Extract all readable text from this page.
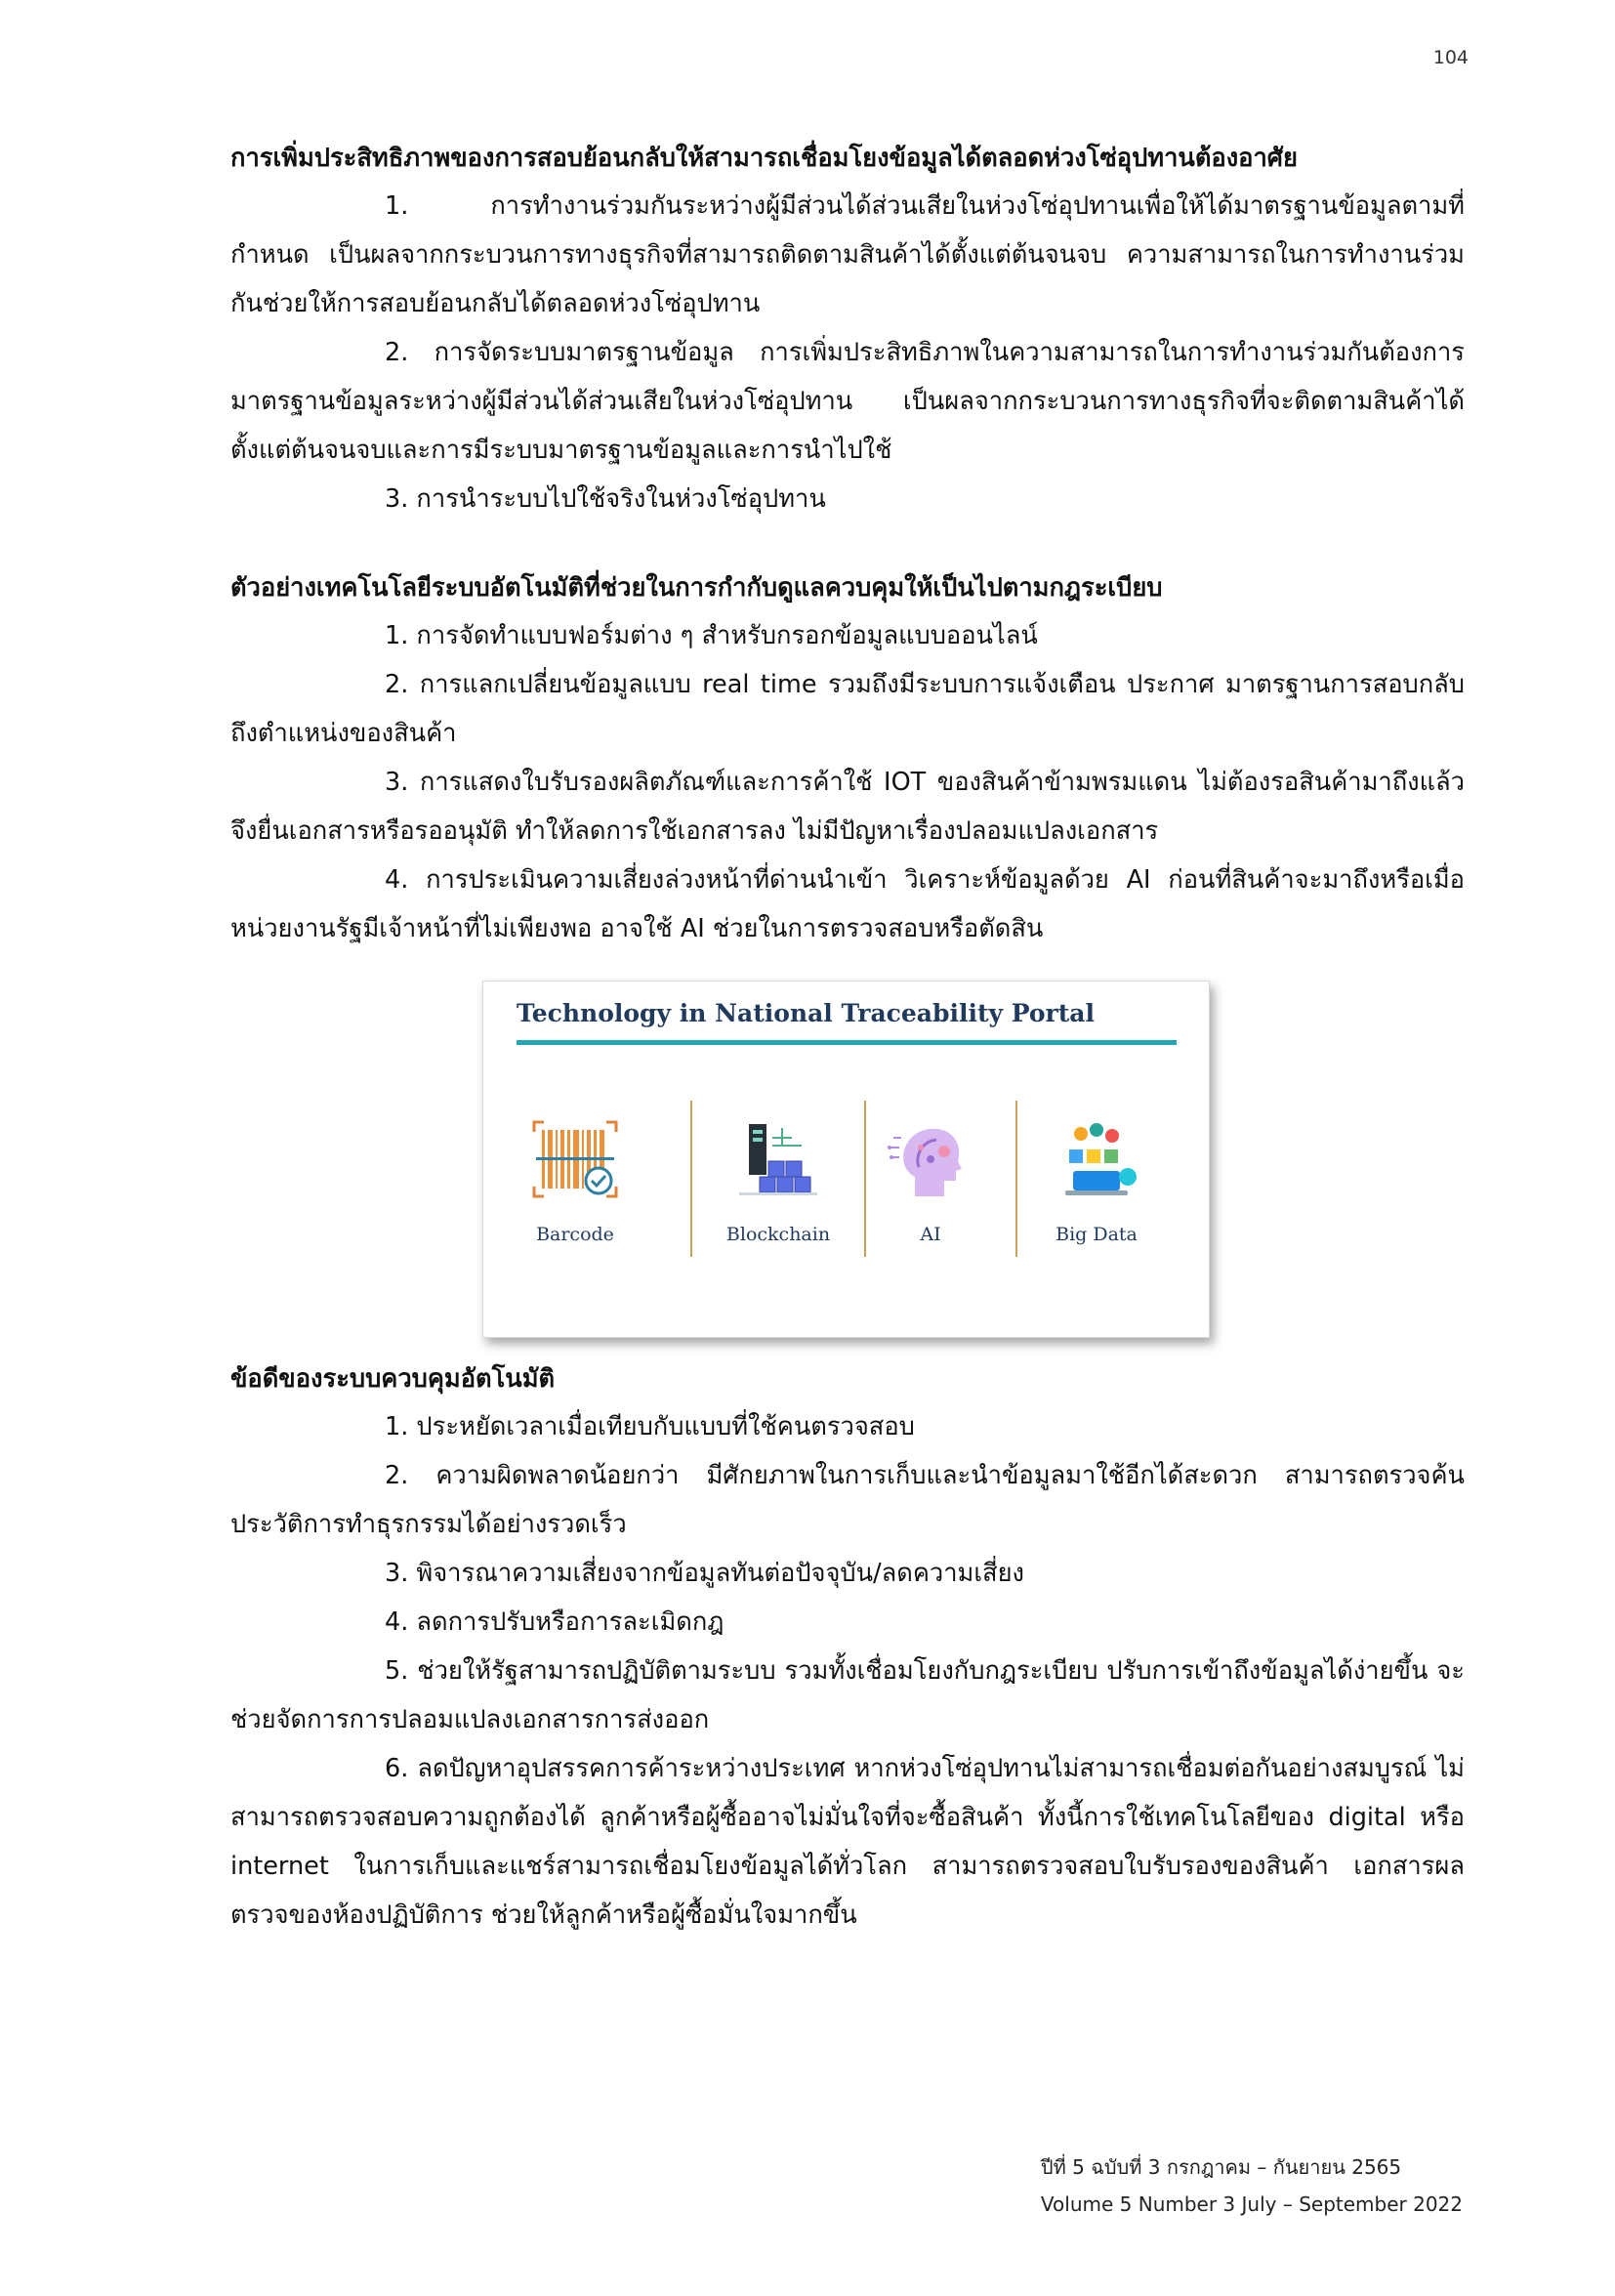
104
การเพิ่มประสิทธิภาพของการสอบย้อนกลับให้สามารถเชื่อมโยงข้อมูลได้ตลอดห่วงโซ่อุปทานต้องอาศัย
1. การทำงานร่วมกันระหว่างผู้มีส่วนได้ส่วนเสียในห่วงโซ่อุปทานเพื่อให้ได้มาตรฐานข้อมูลตามที่กำหนด เป็นผลจากกระบวนการทางธุรกิจที่สามารถติดตามสินค้าได้ตั้งแต่ต้นจนจบ ความสามารถในการทำงานร่วมกันช่วยให้การสอบย้อนกลับได้ตลอดห่วงโซ่อุปทาน
2. การจัดระบบมาตรฐานข้อมูล การเพิ่มประสิทธิภาพในความสามารถในการทำงานร่วมกันต้องการมาตรฐานข้อมูลระหว่างผู้มีส่วนได้ส่วนเสียในห่วงโซ่อุปทาน เป็นผลจากกระบวนการทางธุรกิจที่จะติดตามสินค้าได้ตั้งแต่ต้นจนจบและการมีระบบมาตรฐานข้อมูลและการนำไปใช้
3. การนำระบบไปใช้จริงในห่วงโซ่อุปทาน
ตัวอย่างเทคโนโลยีระบบอัตโนมัติที่ช่วยในการกำกับดูแลควบคุมให้เป็นไปตามกฎระเบียบ
1. การจัดทำแบบฟอร์มต่าง ๆ สำหรับกรอกข้อมูลแบบออนไลน์
2. การแลกเปลี่ยนข้อมูลแบบ real time รวมถึงมีระบบการแจ้งเตือน ประกาศ มาตรฐานการสอบกลับถึงตำแหน่งของสินค้า
3. การแสดงใบรับรองผลิตภัณฑ์และการค้าใช้ IOT ของสินค้าข้ามพรมแดน ไม่ต้องรอสินค้ามาถึงแล้วจึงยื่นเอกสารหรือรออนุมัติ ทำให้ลดการใช้เอกสารลง ไม่มีปัญหาเรื่องปลอมแปลงเอกสาร
4. การประเมินความเสี่ยงล่วงหน้าที่ด่านนำเข้า วิเคราะห์ข้อมูลด้วย AI ก่อนที่สินค้าจะมาถึงหรือเมื่อหน่วยงานรัฐมีเจ้าหน้าที่ไม่เพียงพอ อาจใช้ AI ช่วยในการตรวจสอบหรือตัดสิน
Technology in National Traceability Portal
Barcode	Blockchain	AI	Big Data
ข้อดีของระบบควบคุมอัตโนมัติ
1. ประหยัดเวลาเมื่อเทียบกับแบบที่ใช้คนตรวจสอบ
2. ความผิดพลาดน้อยกว่า มีศักยภาพในการเก็บและนำข้อมูลมาใช้อีกได้สะดวก สามารถตรวจค้นประวัติการทำธุรกรรมได้อย่างรวดเร็ว
3. พิจารณาความเสี่ยงจากข้อมูลทันต่อปัจจุบัน/ลดความเสี่ยง
4. ลดการปรับหรือการละเมิดกฎ
5. ช่วยให้รัฐสามารถปฏิบัติตามระบบ รวมทั้งเชื่อมโยงกับกฎระเบียบ ปรับการเข้าถึงข้อมูลได้ง่ายขึ้น จะช่วยจัดการการปลอมแปลงเอกสารการส่งออก
6. ลดปัญหาอุปสรรคการค้าระหว่างประเทศ หากห่วงโซ่อุปทานไม่สามารถเชื่อมต่อกันอย่างสมบูรณ์ ไม่สามารถตรวจสอบความถูกต้องได้ ลูกค้าหรือผู้ซื้ออาจไม่มั่นใจที่จะซื้อสินค้า ทั้งนี้การใช้เทคโนโลยีของ digital หรือ internet ในการเก็บและแชร์สามารถเชื่อมโยงข้อมูลได้ทั่วโลก สามารถตรวจสอบใบรับรองของสินค้า เอกสารผลตรวจของห้องปฏิบัติการ ช่วยให้ลูกค้าหรือผู้ซื้อมั่นใจมากขึ้น
ปีที่ 5 ฉบับที่ 3 กรกฎาคม – กันยายน 2565
Volume 5 Number 3 July – September 2022
